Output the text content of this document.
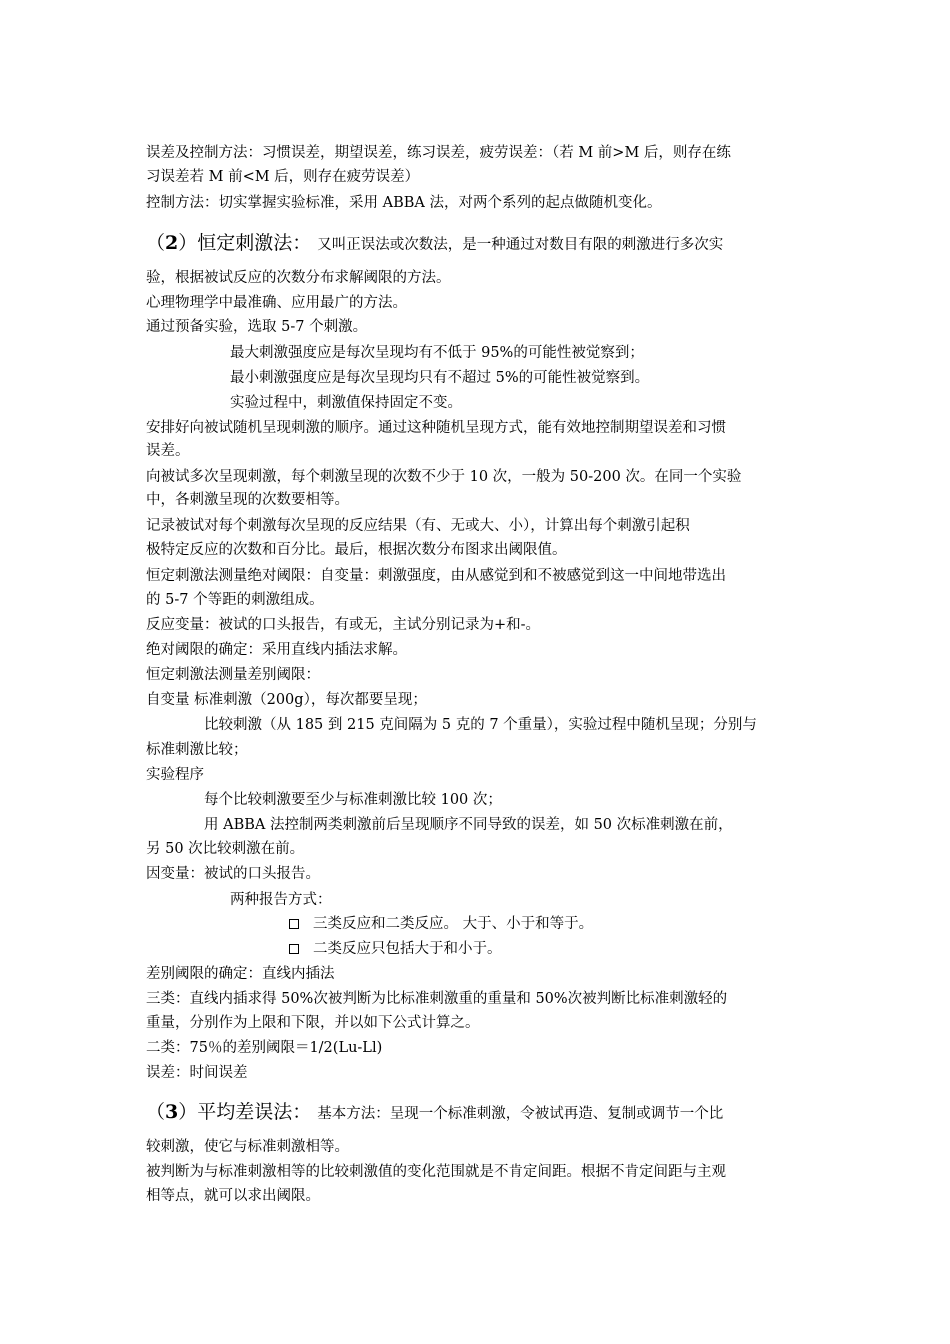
误差及控制方法：习惯误差，期望误差，练习误差，疲劳误差：（若 M 前>M 后，则存在练
习误差若 M 前<M 后，则存在疲劳误差）
控制方法：切实掌握实验标准，采用 ABBA 法，对两个系列的起点做随机变化。
（2）恒定刺激法： 又叫正误法或次数法，是一种通过对数目有限的刺激进行多次实
验，根据被试反应的次数分布求解阈限的方法。
心理物理学中最准确、应用最广的方法。
通过预备实验，选取 5-7 个刺激。
最大刺激强度应是每次呈现均有不低于 95%的可能性被觉察到；
最小刺激强度应是每次呈现均只有不超过 5%的可能性被觉察到。
实验过程中，刺激值保持固定不变。
安排好向被试随机呈现刺激的顺序。通过这种随机呈现方式，能有效地控制期望误差和习惯
误差。
向被试多次呈现刺激，每个刺激呈现的次数不少于 10 次，一般为 50-200 次。在同一个实验
中，各刺激呈现的次数要相等。
记录被试对每个刺激每次呈现的反应结果（有、无或大、小），计算出每个刺激引起积
极特定反应的次数和百分比。最后，根据次数分布图求出阈限值。
恒定刺激法测量绝对阈限：自变量：刺激强度，由从感觉到和不被感觉到这一中间地带选出
的 5-7 个等距的刺激组成。
反应变量：被试的口头报告，有或无，主试分别记录为+和-。
绝对阈限的确定：采用直线内插法求解。
恒定刺激法测量差别阈限：
自变量 标准刺激（200g），每次都要呈现；
比较刺激（从 185 到 215 克间隔为 5 克的 7 个重量），实验过程中随机呈现；分别与
标准刺激比较；
实验程序
每个比较刺激要至少与标准刺激比较 100 次；
用 ABBA 法控制两类刺激前后呈现顺序不同导致的误差，如 50 次标准刺激在前，
另 50 次比较刺激在前。
因变量：被试的口头报告。
两种报告方式：
三类反应和二类反应。 大于、小于和等于。
二类反应只包括大于和小于。
差别阈限的确定：直线内插法
三类：直线内插求得 50%次被判断为比标准刺激重的重量和 50%次被判断比标准刺激轻的
重量，分别作为上限和下限，并以如下公式计算之。
二类：75％的差别阈限＝1/2(Lu-Ll)
误差：时间误差
（3）平均差误法： 基本方法：呈现一个标准刺激，令被试再造、复制或调节一个比
较刺激，使它与标准刺激相等。
被判断为与标准刺激相等的比较刺激值的变化范围就是不肯定间距。根据不肯定间距与主观
相等点，就可以求出阈限。
